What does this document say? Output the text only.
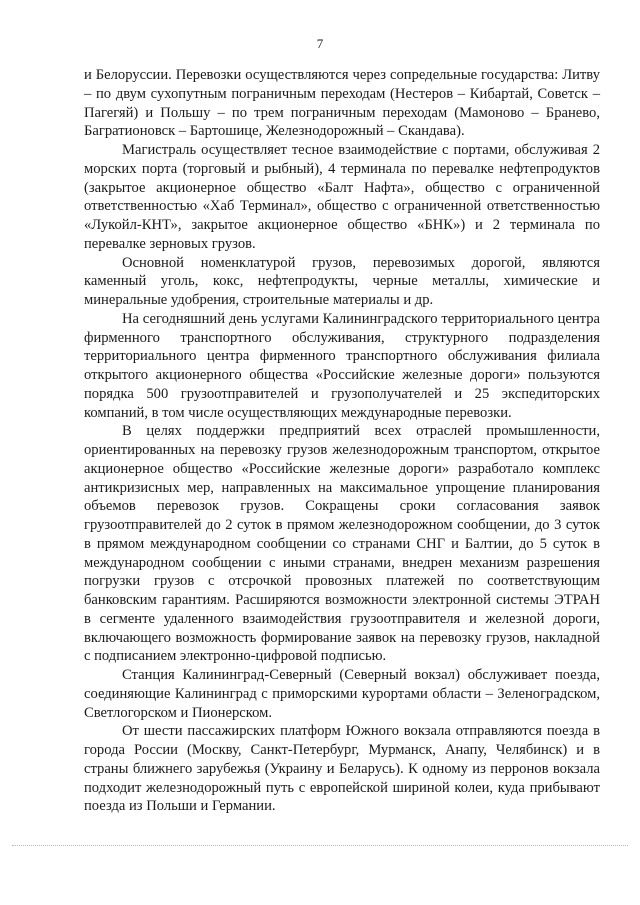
7

и Белоруссии. Перевозки осуществляются через сопредельные государства: Литву – по двум сухопутным пограничным переходам (Нестеров – Кибартай, Советск – Пагегяй) и Польшу – по трем пограничным переходам (Мамоново – Бранево, Багратионовск – Бартошице, Железнодорожный – Скандава).

Магистраль осуществляет тесное взаимодействие с портами, обслуживая 2 морских порта (торговый и рыбный), 4 терминала по перевалке нефтепродуктов (закрытое акционерное общество «Балт Нафта», общество с ограниченной ответственностью «Хаб Терминал», общество с ограниченной ответственностью «Лукойл-КНТ», закрытое акционерное общество «БНК») и 2 терминала по перевалке зерновых грузов.

Основной номенклатурой грузов, перевозимых дорогой, являются каменный уголь, кокс, нефтепродукты, черные металлы, химические и минеральные удобрения, строительные материалы и др.

На сегодняшний день услугами Калининградского территориального центра фирменного транспортного обслуживания, структурного подразделения территориального центра фирменного транспортного обслуживания филиала открытого акционерного общества «Российские железные дороги» пользуются порядка 500 грузоотправителей и грузополучателей и 25 экспедиторских компаний, в том числе осуществляющих международные перевозки.

В целях поддержки предприятий всех отраслей промышленности, ориентированных на перевозку грузов железнодорожным транспортом, открытое акционерное общество «Российские железные дороги» разработало комплекс антикризисных мер, направленных на максимальное упрощение планирования объемов перевозок грузов. Сокращены сроки согласования заявок грузоотправителей до 2 суток в прямом железнодорожном сообщении, до 3 суток в прямом международном сообщении со странами СНГ и Балтии, до 5 суток в международном сообщении с иными странами, внедрен механизм разрешения погрузки грузов с отсрочкой провозных платежей по соответствующим банковским гарантиям. Расширяются возможности электронной системы ЭТРАН в сегменте удаленного взаимодействия грузоотправителя и железной дороги, включающего возможность формирование заявок на перевозку грузов, накладной с подписанием электронно-цифровой подписью.

Станция Калининград-Северный (Северный вокзал) обслуживает поезда, соединяющие Калининград с приморскими курортами области – Зеленоградском, Светлогорском и Пионерском.

От шести пассажирских платформ Южного вокзала отправляются поезда в города России (Москву, Санкт-Петербург, Мурманск, Анапу, Челябинск) и в страны ближнего зарубежья (Украину и Беларусь). К одному из перронов вокзала подходит железнодорожный путь с европейской шириной колеи, куда прибывают поезда из Польши и Германии.
